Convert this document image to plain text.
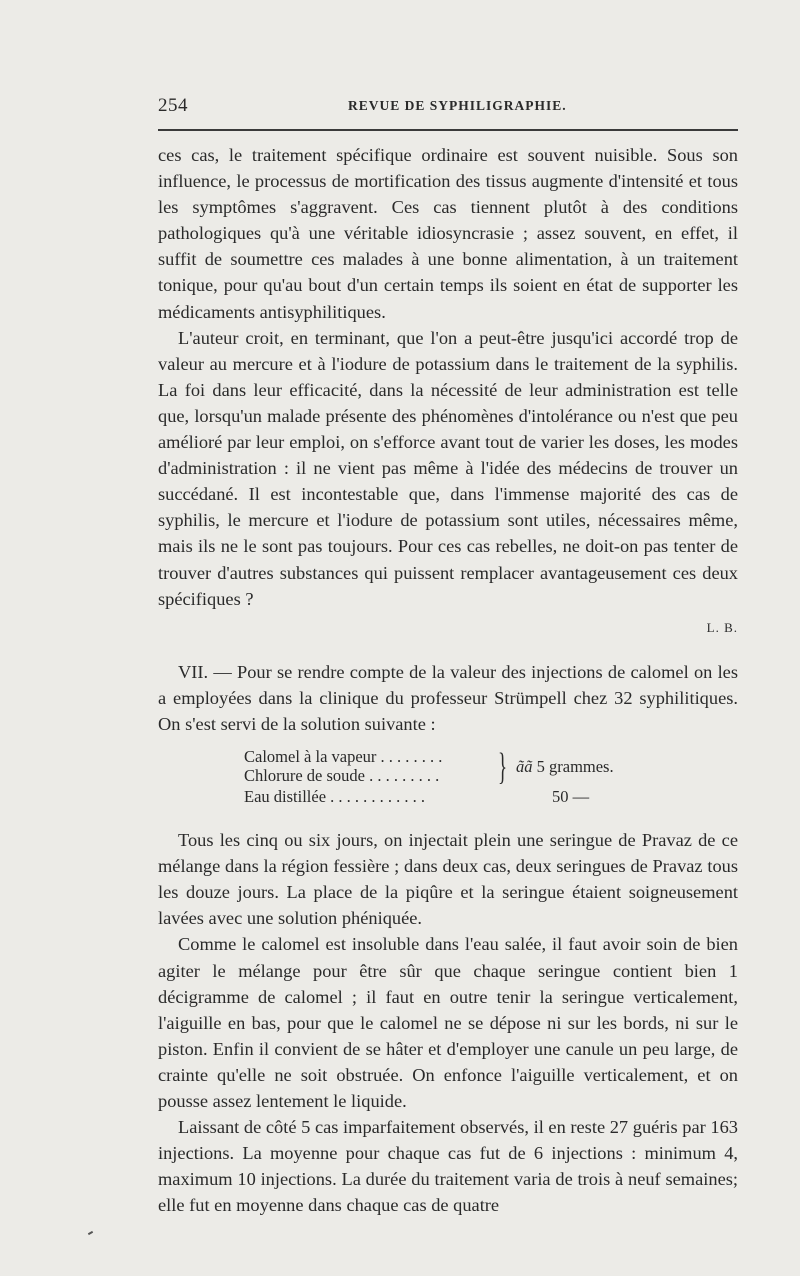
254	REVUE DE SYPHILIGRAPHIE.

ces cas, le traitement spécifique ordinaire est souvent nuisible. Sous son influence, le processus de mortification des tissus augmente d'intensité et tous les symptômes s'aggravent. Ces cas tiennent plutôt à des conditions pathologiques qu'à une véritable idiosyncrasie ; assez souvent, en effet, il suffit de soumettre ces malades à une bonne alimentation, à un traitement tonique, pour qu'au bout d'un certain temps ils soient en état de supporter les médicaments antisyphilitiques.

L'auteur croit, en terminant, que l'on a peut-être jusqu'ici accordé trop de valeur au mercure et à l'iodure de potassium dans le traitement de la syphilis. La foi dans leur efficacité, dans la nécessité de leur administration est telle que, lorsqu'un malade présente des phénomènes d'intolérance ou n'est que peu amélioré par leur emploi, on s'efforce avant tout de varier les doses, les modes d'administration : il ne vient pas même à l'idée des médecins de trouver un succédané. Il est incontestable que, dans l'immense majorité des cas de syphilis, le mercure et l'iodure de potassium sont utiles, nécessaires même, mais ils ne le sont pas toujours. Pour ces cas rebelles, ne doit-on pas tenter de trouver d'autres substances qui puissent remplacer avantageusement ces deux spécifiques ?

L. B.

VII. — Pour se rendre compte de la valeur des injections de calomel on les a employées dans la clinique du professeur Strümpell chez 32 syphilitiques. On s'est servi de la solution suivante :

Calomel à la vapeur . . . . . . . .
Chlorure de soude . . . . . . . . .
Eau distillée . . . . . . . . . . . .
} ãã 5 grammes.
50 —

Tous les cinq ou six jours, on injectait plein une seringue de Pravaz de ce mélange dans la région fessière ; dans deux cas, deux seringues de Pravaz tous les douze jours. La place de la piqûre et la seringue étaient soigneusement lavées avec une solution phéniquée.

Comme le calomel est insoluble dans l'eau salée, il faut avoir soin de bien agiter le mélange pour être sûr que chaque seringue contient bien 1 décigramme de calomel ; il faut en outre tenir la seringue verticalement, l'aiguille en bas, pour que le calomel ne se dépose ni sur les bords, ni sur le piston. Enfin il convient de se hâter et d'employer une canule un peu large, de crainte qu'elle ne soit obstruée. On enfonce l'aiguille verticalement, et on pousse assez lentement le liquide.

Laissant de côté 5 cas imparfaitement observés, il en reste 27 guéris par 163 injections. La moyenne pour chaque cas fut de 6 injections : minimum 4, maximum 10 injections. La durée du traitement varia de trois à neuf semaines; elle fut en moyenne dans chaque cas de quatre
